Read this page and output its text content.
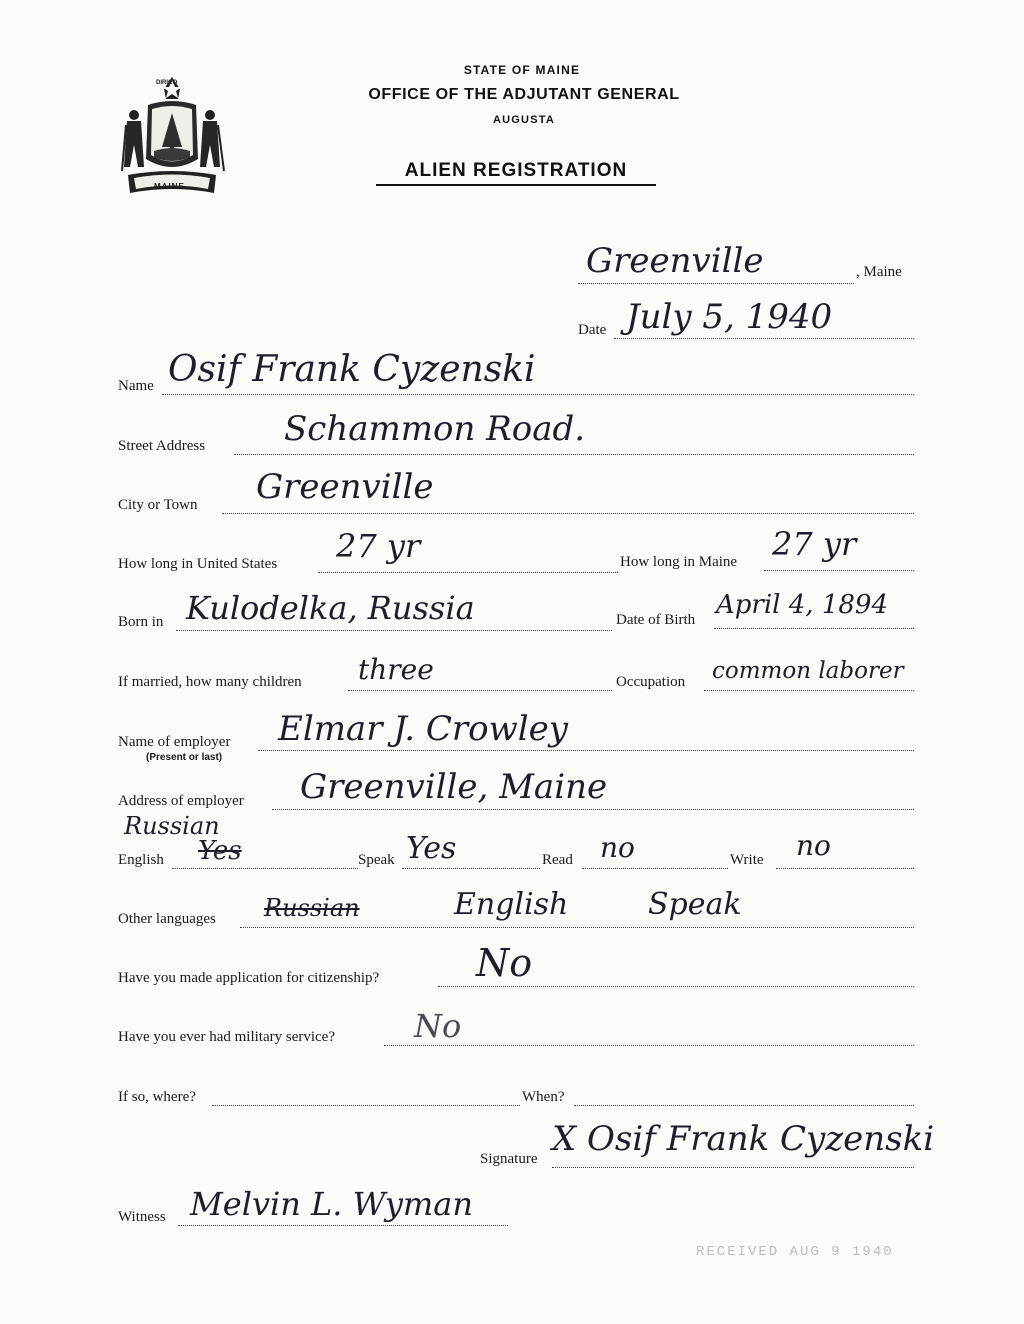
MAINE
DIRIGO
STATE OF MAINE
OFFICE OF THE ADJUTANT GENERAL
AUGUSTA
ALIEN REGISTRATION
Greenville	, Maine
Date July 5, 1940
Name Osif Frank Cyzenski
Street Address Schammon Road.
City or Town Greenville
How long in United States 27 yr	How long in Maine 27 yr
Born in Kulodelka, Russia	Date of Birth April 4, 1894
If married, how many children three	Occupation common laborer
Name of employer
(Present or last)
Elmar J. Crowley
Address of employer Greenville, Maine
Russian
English Yes	Speak Yes	Read no	Write no
Other languages Russian	English	Speak
Have you made application for citizenship?	No
Have you ever had military service? No
If so, where?	When?
Signature X Osif Frank Cyzenski
Witness Melvin L. Wyman
RECEIVED AUG 9 1940
